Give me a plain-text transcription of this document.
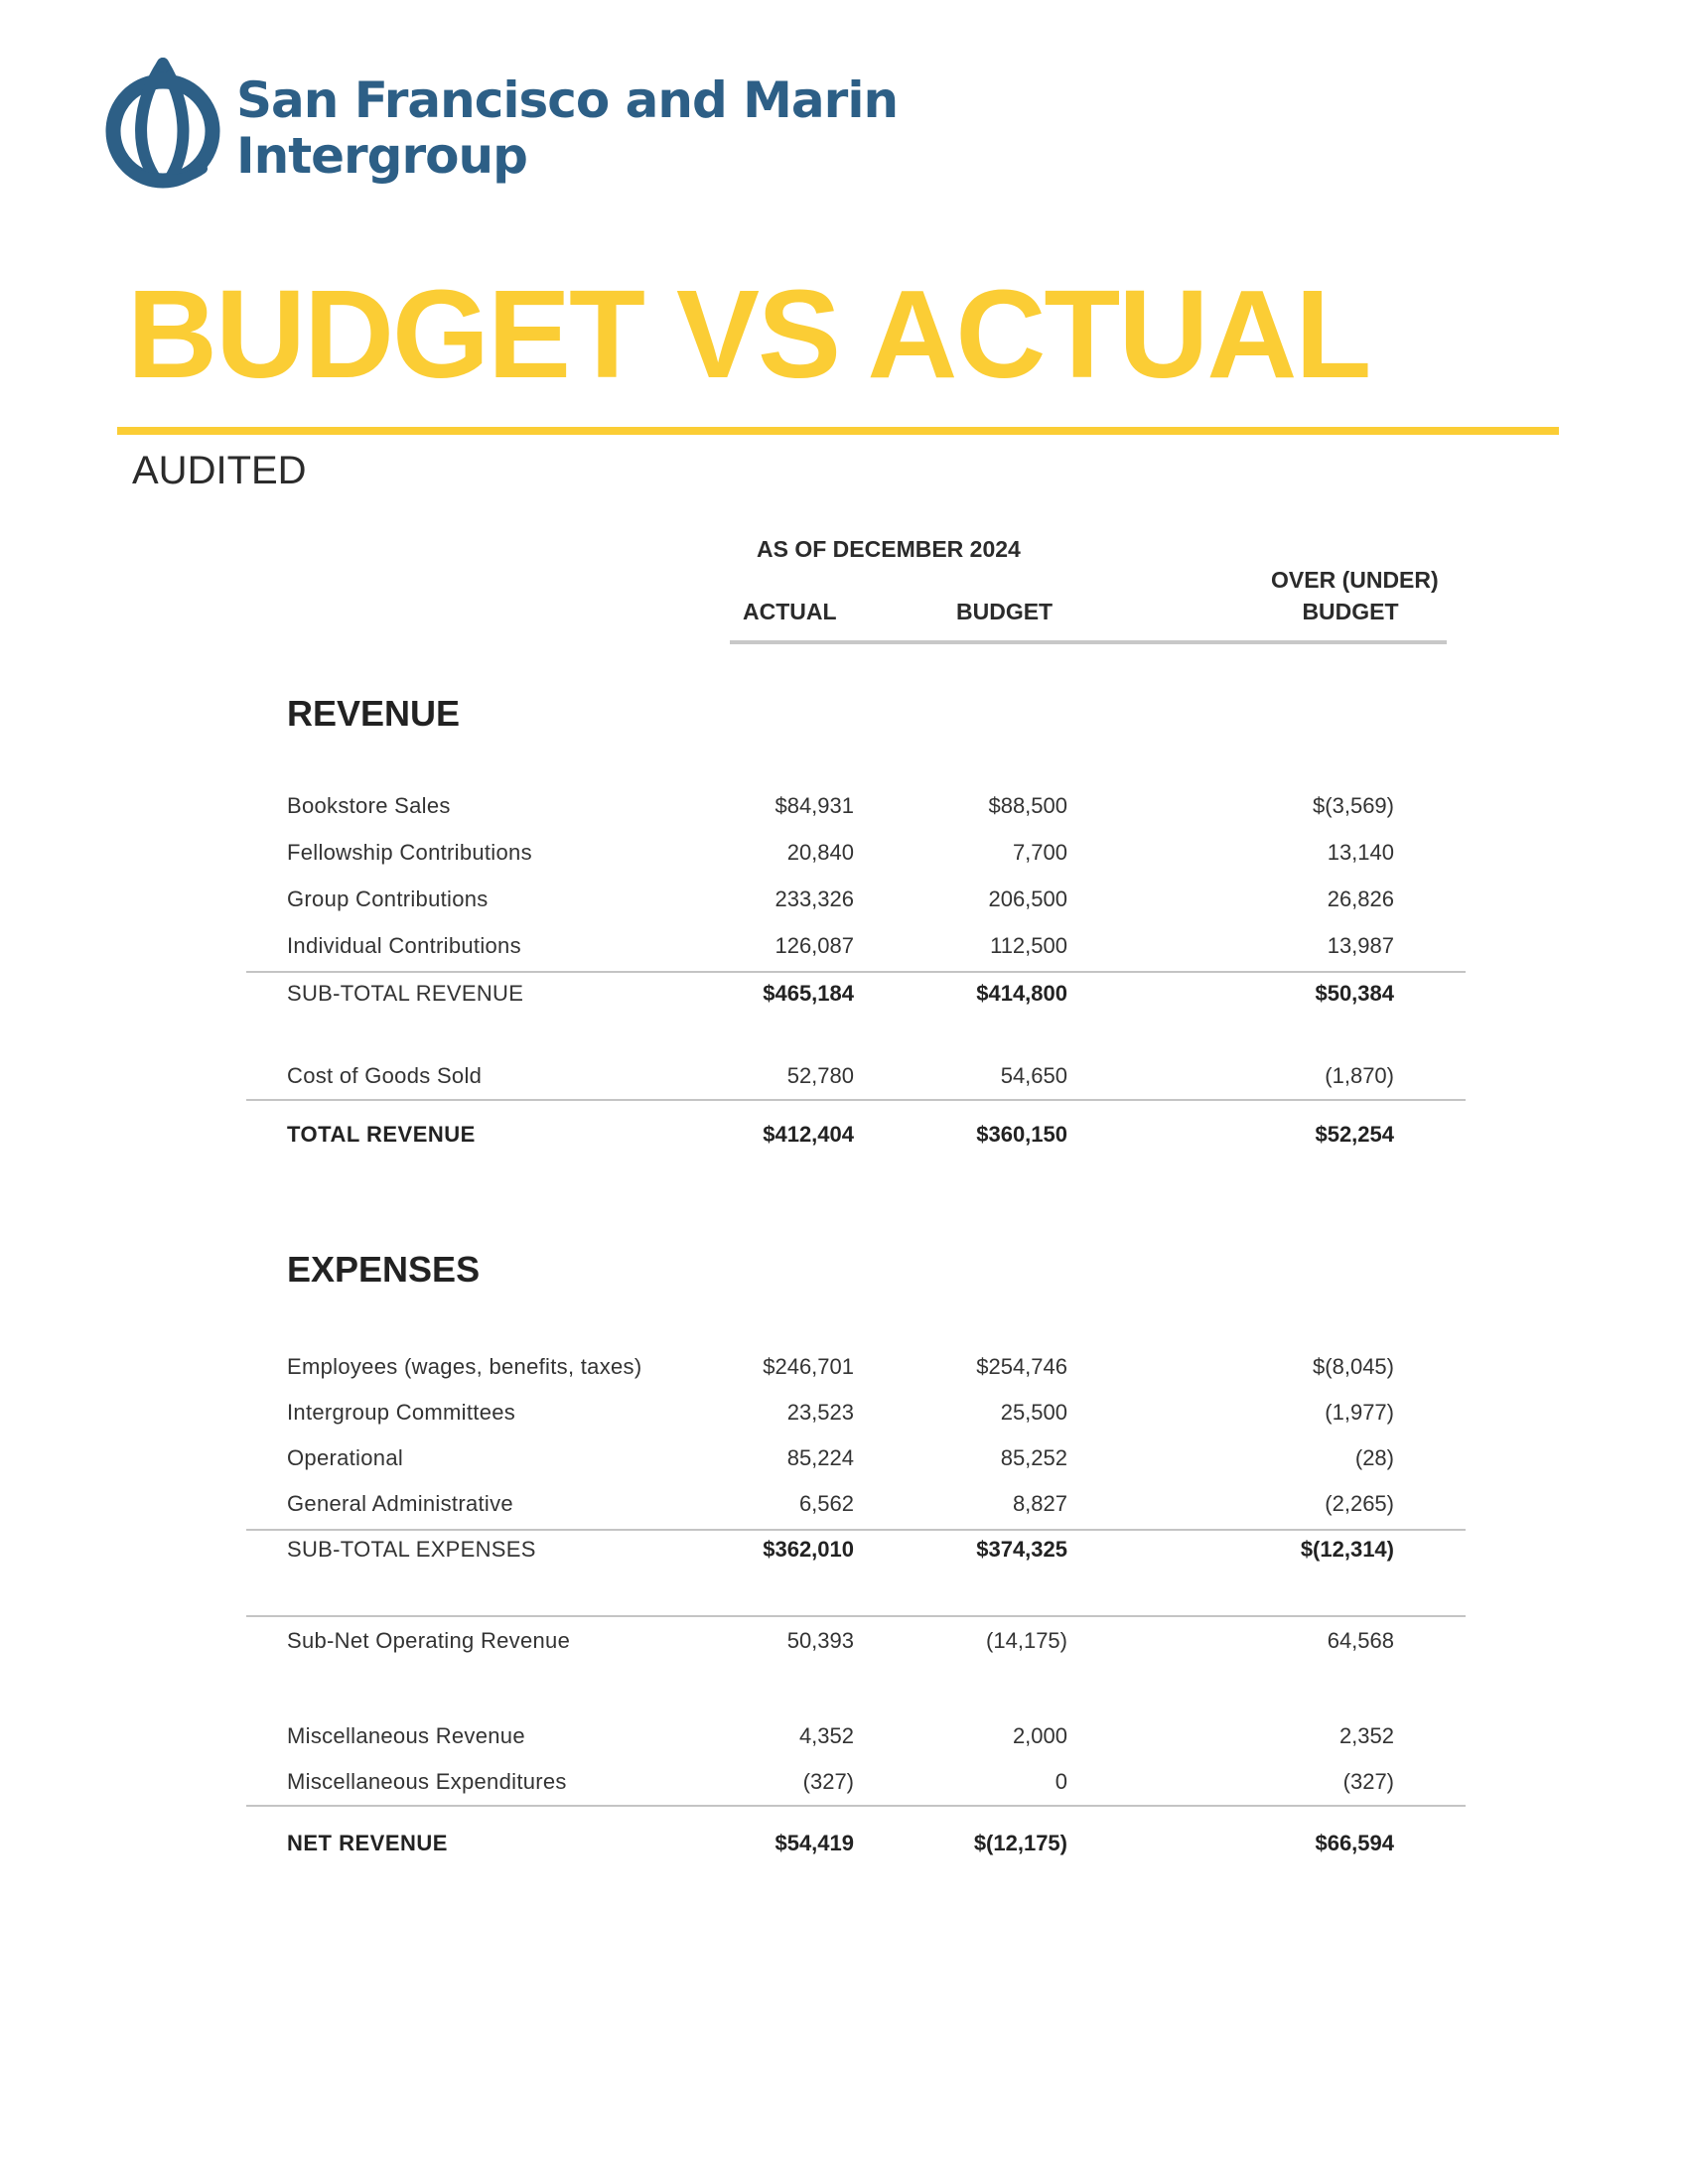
San Francisco and Marin
Intergroup
BUDGET VS ACTUAL
AUDITED
AS OF DECEMBER 2024
ACTUAL	BUDGET
OVER (UNDER)
BUDGET
REVENUE
Bookstore Sales	$84,931	$88,500	$(3,569)
Fellowship Contributions	20,840	7,700	13,140
Group Contributions	233,326	206,500	26,826
Individual Contributions	126,087	112,500	13,987
SUB-TOTAL REVENUE	$465,184	$414,800	$50,384
Cost of Goods Sold	52,780	54,650	(1,870)
TOTAL REVENUE	$412,404	$360,150	$52,254
EXPENSES
Employees (wages, benefits, taxes)	$246,701	$254,746	$(8,045)
Intergroup Committees	23,523	25,500	(1,977)
Operational	85,224	85,252	(28)
General Administrative	6,562	8,827	(2,265)
SUB-TOTAL EXPENSES	$362,010	$374,325	$(12,314)
Sub-Net Operating Revenue	50,393	(14,175)	64,568
Miscellaneous Revenue	4,352	2,000	2,352
Miscellaneous Expenditures	(327)	0	(327)
NET REVENUE	$54,419	$(12,175)	$66,594
